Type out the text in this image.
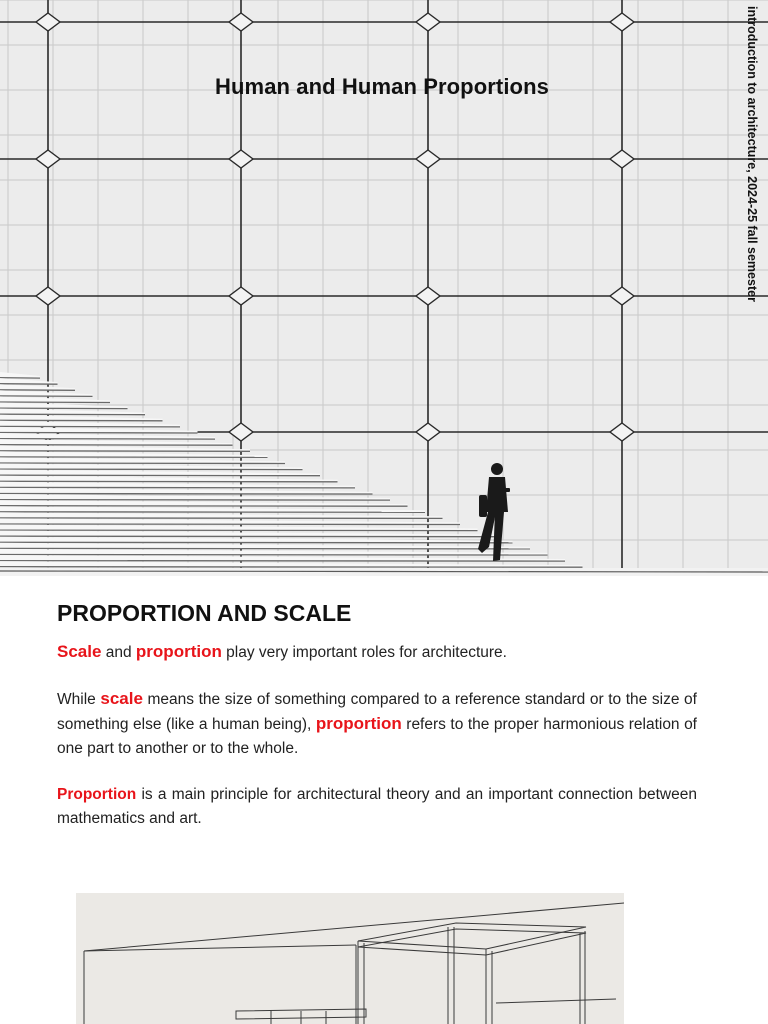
Human and Human Proportions	introduction to architecture, 2024-25 fall semester
PROPORTION AND SCALE

Scale and proportion play very important roles for architecture.

While scale means the size of something compared to a reference standard or to the size of something else (like a human being), proportion refers to the proper harmonious relation of one part to another or to the whole.

Proportion is a main principle for architectural theory and an important connection between mathematics and art.
